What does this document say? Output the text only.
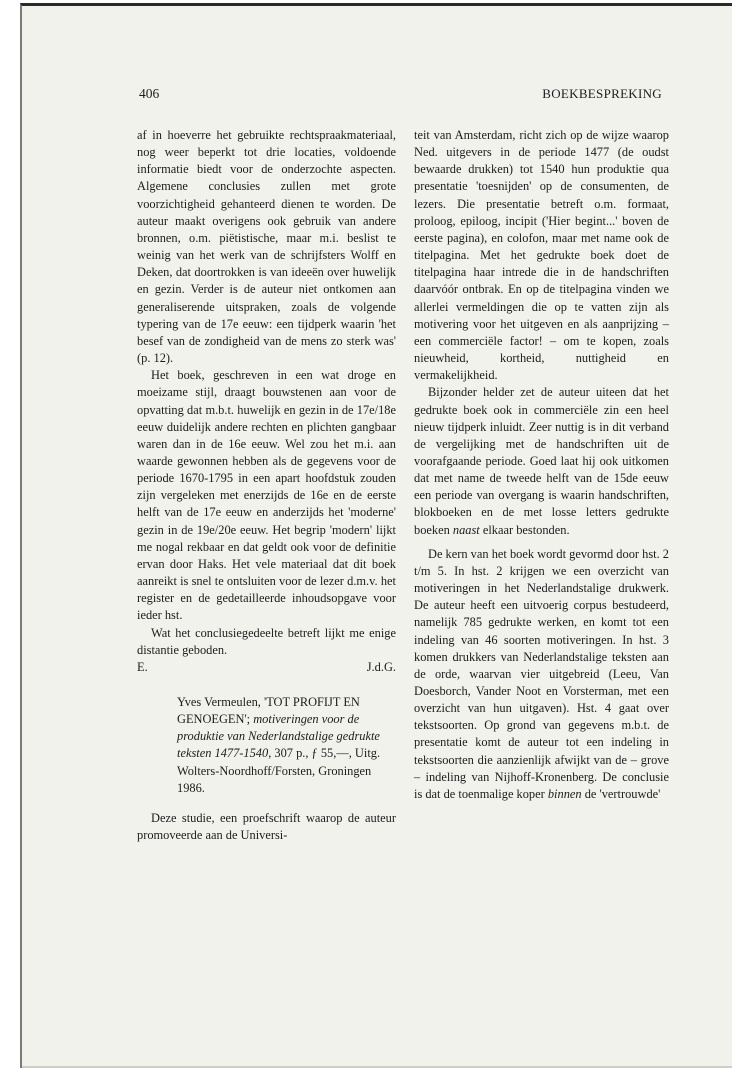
406	BOEKBESPREKING

af in hoeverre het gebruikte rechtspraakmateriaal, nog weer beperkt tot drie locaties, voldoende informatie biedt voor de onderzochte aspecten. Algemene conclusies zullen met grote voorzichtigheid gehanteerd dienen te worden. De auteur maakt overigens ook gebruik van andere bronnen, o.m. piëtistische, maar m.i. beslist te weinig van het werk van de schrijfsters Wolff en Deken, dat doortrokken is van ideeën over huwelijk en gezin. Verder is de auteur niet ontkomen aan generaliserende uitspraken, zoals de volgende typering van de 17e eeuw: een tijdperk waarin 'het besef van de zondigheid van de mens zo sterk was' (p. 12).

Het boek, geschreven in een wat droge en moeizame stijl, draagt bouwstenen aan voor de opvatting dat m.b.t. huwelijk en gezin in de 17e/18e eeuw duidelijk andere rechten en plichten gangbaar waren dan in de 16e eeuw. Wel zou het m.i. aan waarde gewonnen hebben als de gegevens voor de periode 1670-1795 in een apart hoofdstuk zouden zijn vergeleken met enerzijds de 16e en de eerste helft van de 17e eeuw en anderzijds het 'moderne' gezin in de 19e/20e eeuw. Het begrip 'modern' lijkt me nogal rekbaar en dat geldt ook voor de definitie ervan door Haks. Het vele materiaal dat dit boek aanreikt is snel te ontsluiten voor de lezer d.m.v. het register en de gedetailleerde inhoudsopgave voor ieder hst.

Wat het conclusiegedeelte betreft lijkt me enige distantie geboden.

E.	J.d.G.
Yves Vermeulen, 'TOT PROFIJT EN GENOEGEN'; motiveringen voor de produktie van Nederlandstalige gedrukte teksten 1477-1540, 307 p., ƒ 55,—, Uitg. Wolters-Noordhoff/Forsten, Groningen 1986.

Deze studie, een proefschrift waarop de auteur promoveerde aan de Universi-

teit van Amsterdam, richt zich op de wijze waarop Ned. uitgevers in de periode 1477 (de oudst bewaarde drukken) tot 1540 hun produktie qua presentatie 'toesnijden' op de consumenten, de lezers. Die presentatie betreft o.m. formaat, proloog, epiloog, incipit ('Hier begint...' boven de eerste pagina), en colofon, maar met name ook de titelpagina. Met het gedrukte boek doet de titelpagina haar intrede die in de handschriften daarvóór ontbrak. En op de titelpagina vinden we allerlei vermeldingen die op te vatten zijn als motivering voor het uitgeven en als aanprijzing – een commerciële factor! – om te kopen, zoals nieuwheid, kortheid, nuttigheid en vermakelijkheid.

Bijzonder helder zet de auteur uiteen dat het gedrukte boek ook in commerciële zin een heel nieuw tijdperk inluidt. Zeer nuttig is in dit verband de vergelijking met de handschriften uit de voorafgaande periode. Goed laat hij ook uitkomen dat met name de tweede helft van de 15de eeuw een periode van overgang is waarin handschriften, blokboeken en de met losse letters gedrukte boeken naast elkaar bestonden.

De kern van het boek wordt gevormd door hst. 2 t/m 5. In hst. 2 krijgen we een overzicht van motiveringen in het Nederlandstalige drukwerk. De auteur heeft een uitvoerig corpus bestudeerd, namelijk 785 gedrukte werken, en komt tot een indeling van 46 soorten motiveringen. In hst. 3 komen drukkers van Nederlandstalige teksten aan de orde, waarvan vier uitgebreid (Leeu, Van Doesborch, Vander Noot en Vorsterman, met een overzicht van hun uitgaven). Hst. 4 gaat over tekstsoorten. Op grond van gegevens m.b.t. de presentatie komt de auteur tot een indeling in tekstsoorten die aanzienlijk afwijkt van de – grove – indeling van Nijhoff-Kronenberg. De conclusie is dat de toenmalige koper binnen de 'vertrouwde'
